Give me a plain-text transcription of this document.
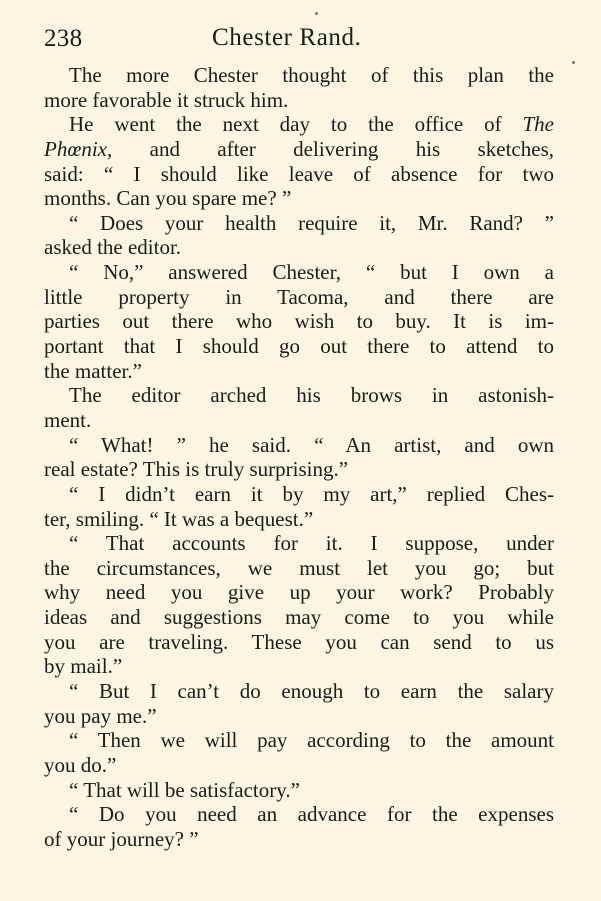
238	Chester Rand.
The more Chester thought of this plan the
more favorable it struck him.
He went the next day to the office of The
Phœnix, and after delivering his sketches,
said: “ I should like leave of absence for two
months. Can you spare me? ”
“ Does your health require it, Mr. Rand? ”
asked the editor.
“ No,” answered Chester, “ but I own a
little property in Tacoma, and there are
parties out there who wish to buy. It is im-
portant that I should go out there to attend to
the matter.”
The editor arched his brows in astonish-
ment.
“ What! ” he said. “ An artist, and own
real estate? This is truly surprising.”
“ I didn’t earn it by my art,” replied Ches-
ter, smiling. “ It was a bequest.”
“ That accounts for it. I suppose, under
the circumstances, we must let you go; but
why need you give up your work? Probably
ideas and suggestions may come to you while
you are traveling. These you can send to us
by mail.”
“ But I can’t do enough to earn the salary
you pay me.”
“ Then we will pay according to the amount
you do.”
“ That will be satisfactory.”
“ Do you need an advance for the expenses
of your journey? ”
